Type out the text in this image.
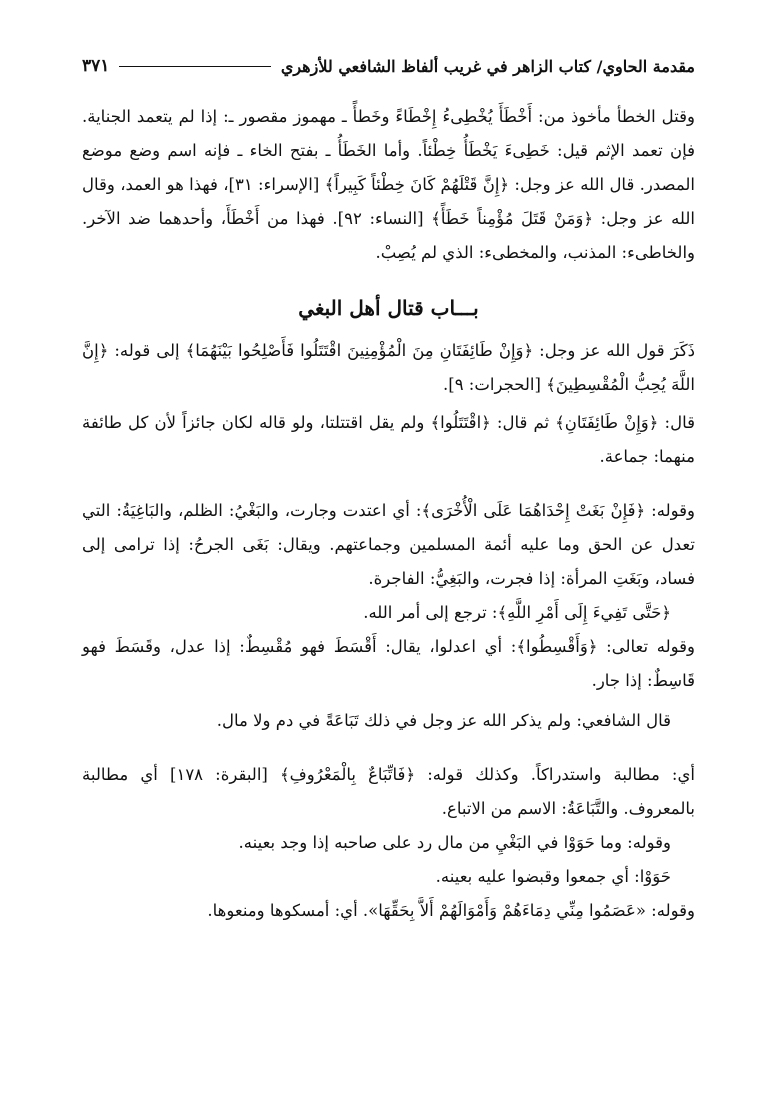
مقدمة الحاوي/ كتاب الزاهر في غريب ألفاظ الشافعي للأزهري
٣٧١

وقتل الخطأ مأخوذ من: أَخْطَأَ يُخْطِىءُ إِخْطَاءً وخَطأً ـ مهموز مقصور ـ: إذا لم يتعمد الجناية. فإن تعمد الإثم قيل: خَطِىءَ يَخْطَأُ خِطْئاً. وأما الخَطَأُ ـ بفتح الخاء ـ فإنه اسم وضع موضع المصدر. قال الله عز وجل: ﴿إِنَّ قَتْلَهُمْ كَانَ خِطْئاً كَبِيراً﴾ [الإسراء: ٣١]، فهذا هو العمد، وقال الله عز وجل: ﴿وَمَنْ قَتَلَ مُؤْمِناً خَطَأً﴾ [النساء: ٩٢]. فهذا من أَخْطَأَ، وأحدهما ضد الآخر. والخاطىء: المذنب، والمخطىء: الذي لم يُصِبْ.

بـــاب قتال أهل البغي

ذَكَرَ قول الله عز وجل: ﴿وَإِنْ طَائِفَتَانِ مِنَ الْمُؤْمِنِينَ اقْتَتَلُوا فَأَصْلِحُوا بَيْنَهُمَا﴾ إلى قوله: ﴿إِنَّ اللَّهَ يُحِبُّ الْمُقْسِطِينَ﴾ [الحجرات: ٩].

قال: ﴿وَإِنْ طَائِفَتَانِ﴾ ثم قال: ﴿اقْتَتَلُوا﴾ ولم يقل اقتتلتا، ولو قاله لكان جائزاً لأن كل طائفة منهما: جماعة.

وقوله: ﴿فَإِنْ بَغَتْ إِحْدَاهُمَا عَلَى الْأُخْرَى﴾: أي اعتدت وجارت، والبَغْيُ: الظلم، والبَاغِيَةُ: التي تعدل عن الحق وما عليه أئمة المسلمين وجماعتهم. ويقال: بَغَى الجرحُ: إذا ترامى إلى فساد، وبَغَتِ المرأة: إذا فجرت، والبَغِيُّ: الفاجرة.

﴿حَتَّى تَفِيءَ إِلَى أَمْرِ اللَّهِ﴾: ترجع إلى أمر الله.

وقوله تعالى: ﴿وَأَقْسِطُوا﴾: أي اعدلوا، يقال: أَقْسَطَ فهو مُقْسِطٌ: إذا عدل، وقَسَطَ فهو قَاسِطٌ: إذا جار.

قال الشافعي: ولم يذكر الله عز وجل في ذلك تَبَاعَةً في دم ولا مال.

أي: مطالبة واستدراكاً. وكذلك قوله: ﴿فَاتِّبَاعٌ بِالْمَعْرُوفِ﴾ [البقرة: ١٧٨] أي مطالبة بالمعروف. والتَّبَاعَةُ: الاسم من الاتباع.

وقوله: وما حَوَوْا في البَغْيِ من مال رد على صاحبه إذا وجد بعينه.

حَوَوْا: أي جمعوا وقبضوا عليه بعينه.

وقوله: «عَصَمُوا مِنِّي دِمَاءَهُمْ وَأَمْوَالَهُمْ أَلاَّ بِحَقِّهَا». أي: أمسكوها ومنعوها.
